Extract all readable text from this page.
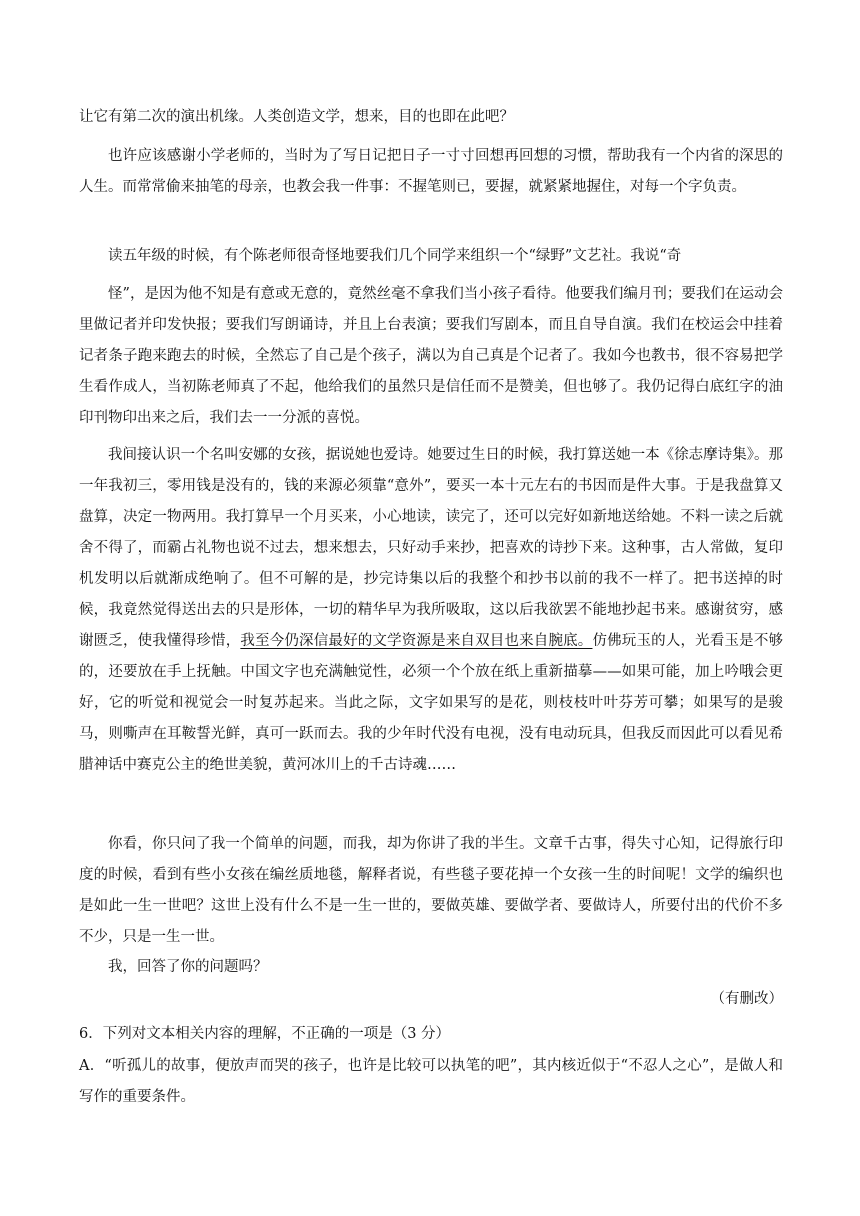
让它有第二次的演出机缘。人类创造文学，想来，目的也即在此吧？

也许应该感谢小学老师的，当时为了写日记把日子一寸寸回想再回想的习惯，帮助我有一个内省的深思的人生。而常常偷来抽笔的母亲，也教会我一件事：不握笔则已，要握，就紧紧地握住，对每一个字负责。

读五年级的时候，有个陈老师很奇怪地要我们几个同学来组织一个“绿野”文艺社。我说“奇

怪”，是因为他不知是有意或无意的，竟然丝毫不拿我们当小孩子看待。他要我们编月刊；要我们在运动会里做记者并印发快报；要我们写朗诵诗，并且上台表演；要我们写剧本，而且自导自演。我们在校运会中挂着记者条子跑来跑去的时候，全然忘了自己是个孩子，满以为自己真是个记者了。我如今也教书，很不容易把学生看作成人，当初陈老师真了不起，他给我们的虽然只是信任而不是赞美，但也够了。我仍记得白底红字的油印刊物印出来之后，我们去一一分派的喜悦。

我间接认识一个名叫安娜的女孩，据说她也爱诗。她要过生日的时候，我打算送她一本《徐志摩诗集》。那一年我初三，零用钱是没有的，钱的来源必须靠“意外”，要买一本十元左右的书因而是件大事。于是我盘算又盘算，决定一物两用。我打算早一个月买来，小心地读，读完了，还可以完好如新地送给她。不料一读之后就舍不得了，而霸占礼物也说不过去，想来想去，只好动手来抄，把喜欢的诗抄下来。这种事，古人常做，复印机发明以后就渐成绝响了。但不可解的是，抄完诗集以后的我整个和抄书以前的我不一样了。把书送掉的时候，我竟然觉得送出去的只是形体，一切的精华早为我所吸取，这以后我欲罢不能地抄起书来。感谢贫穷，感谢匮乏，使我懂得珍惜，我至今仍深信最好的文学资源是来自双目也来自腕底。仿佛玩玉的人，光看玉是不够的，还要放在手上抚触。中国文字也充满触觉性，必须一个个放在纸上重新描摹——如果可能，加上吟哦会更好，它的听觉和视觉会一时复苏起来。当此之际，文字如果写的是花，则枝枝叶叶芬芳可攀；如果写的是骏马，则嘶声在耳鞍誓光鲜，真可一跃而去。我的少年时代没有电视，没有电动玩具，但我反而因此可以看见希腊神话中赛克公主的绝世美貌，黄河冰川上的千古诗魂……

你看，你只问了我一个简单的问题，而我，却为你讲了我的半生。文章千古事，得失寸心知，记得旅行印度的时候，看到有些小女孩在编丝质地毯，解释者说，有些毯子要花掉一个女孩一生的时间呢！文学的编织也是如此一生一世吧？这世上没有什么不是一生一世的，要做英雄、要做学者、要做诗人，所要付出的代价不多不少，只是一生一世。

我，回答了你的问题吗？

（有删改）

6．下列对文本相关内容的理解，不正确的一项是（3 分）

A．“听孤儿的故事，便放声而哭的孩子，也许是比较可以执笔的吧”，其内核近似于“不忍人之心”，是做人和写作的重要条件。
